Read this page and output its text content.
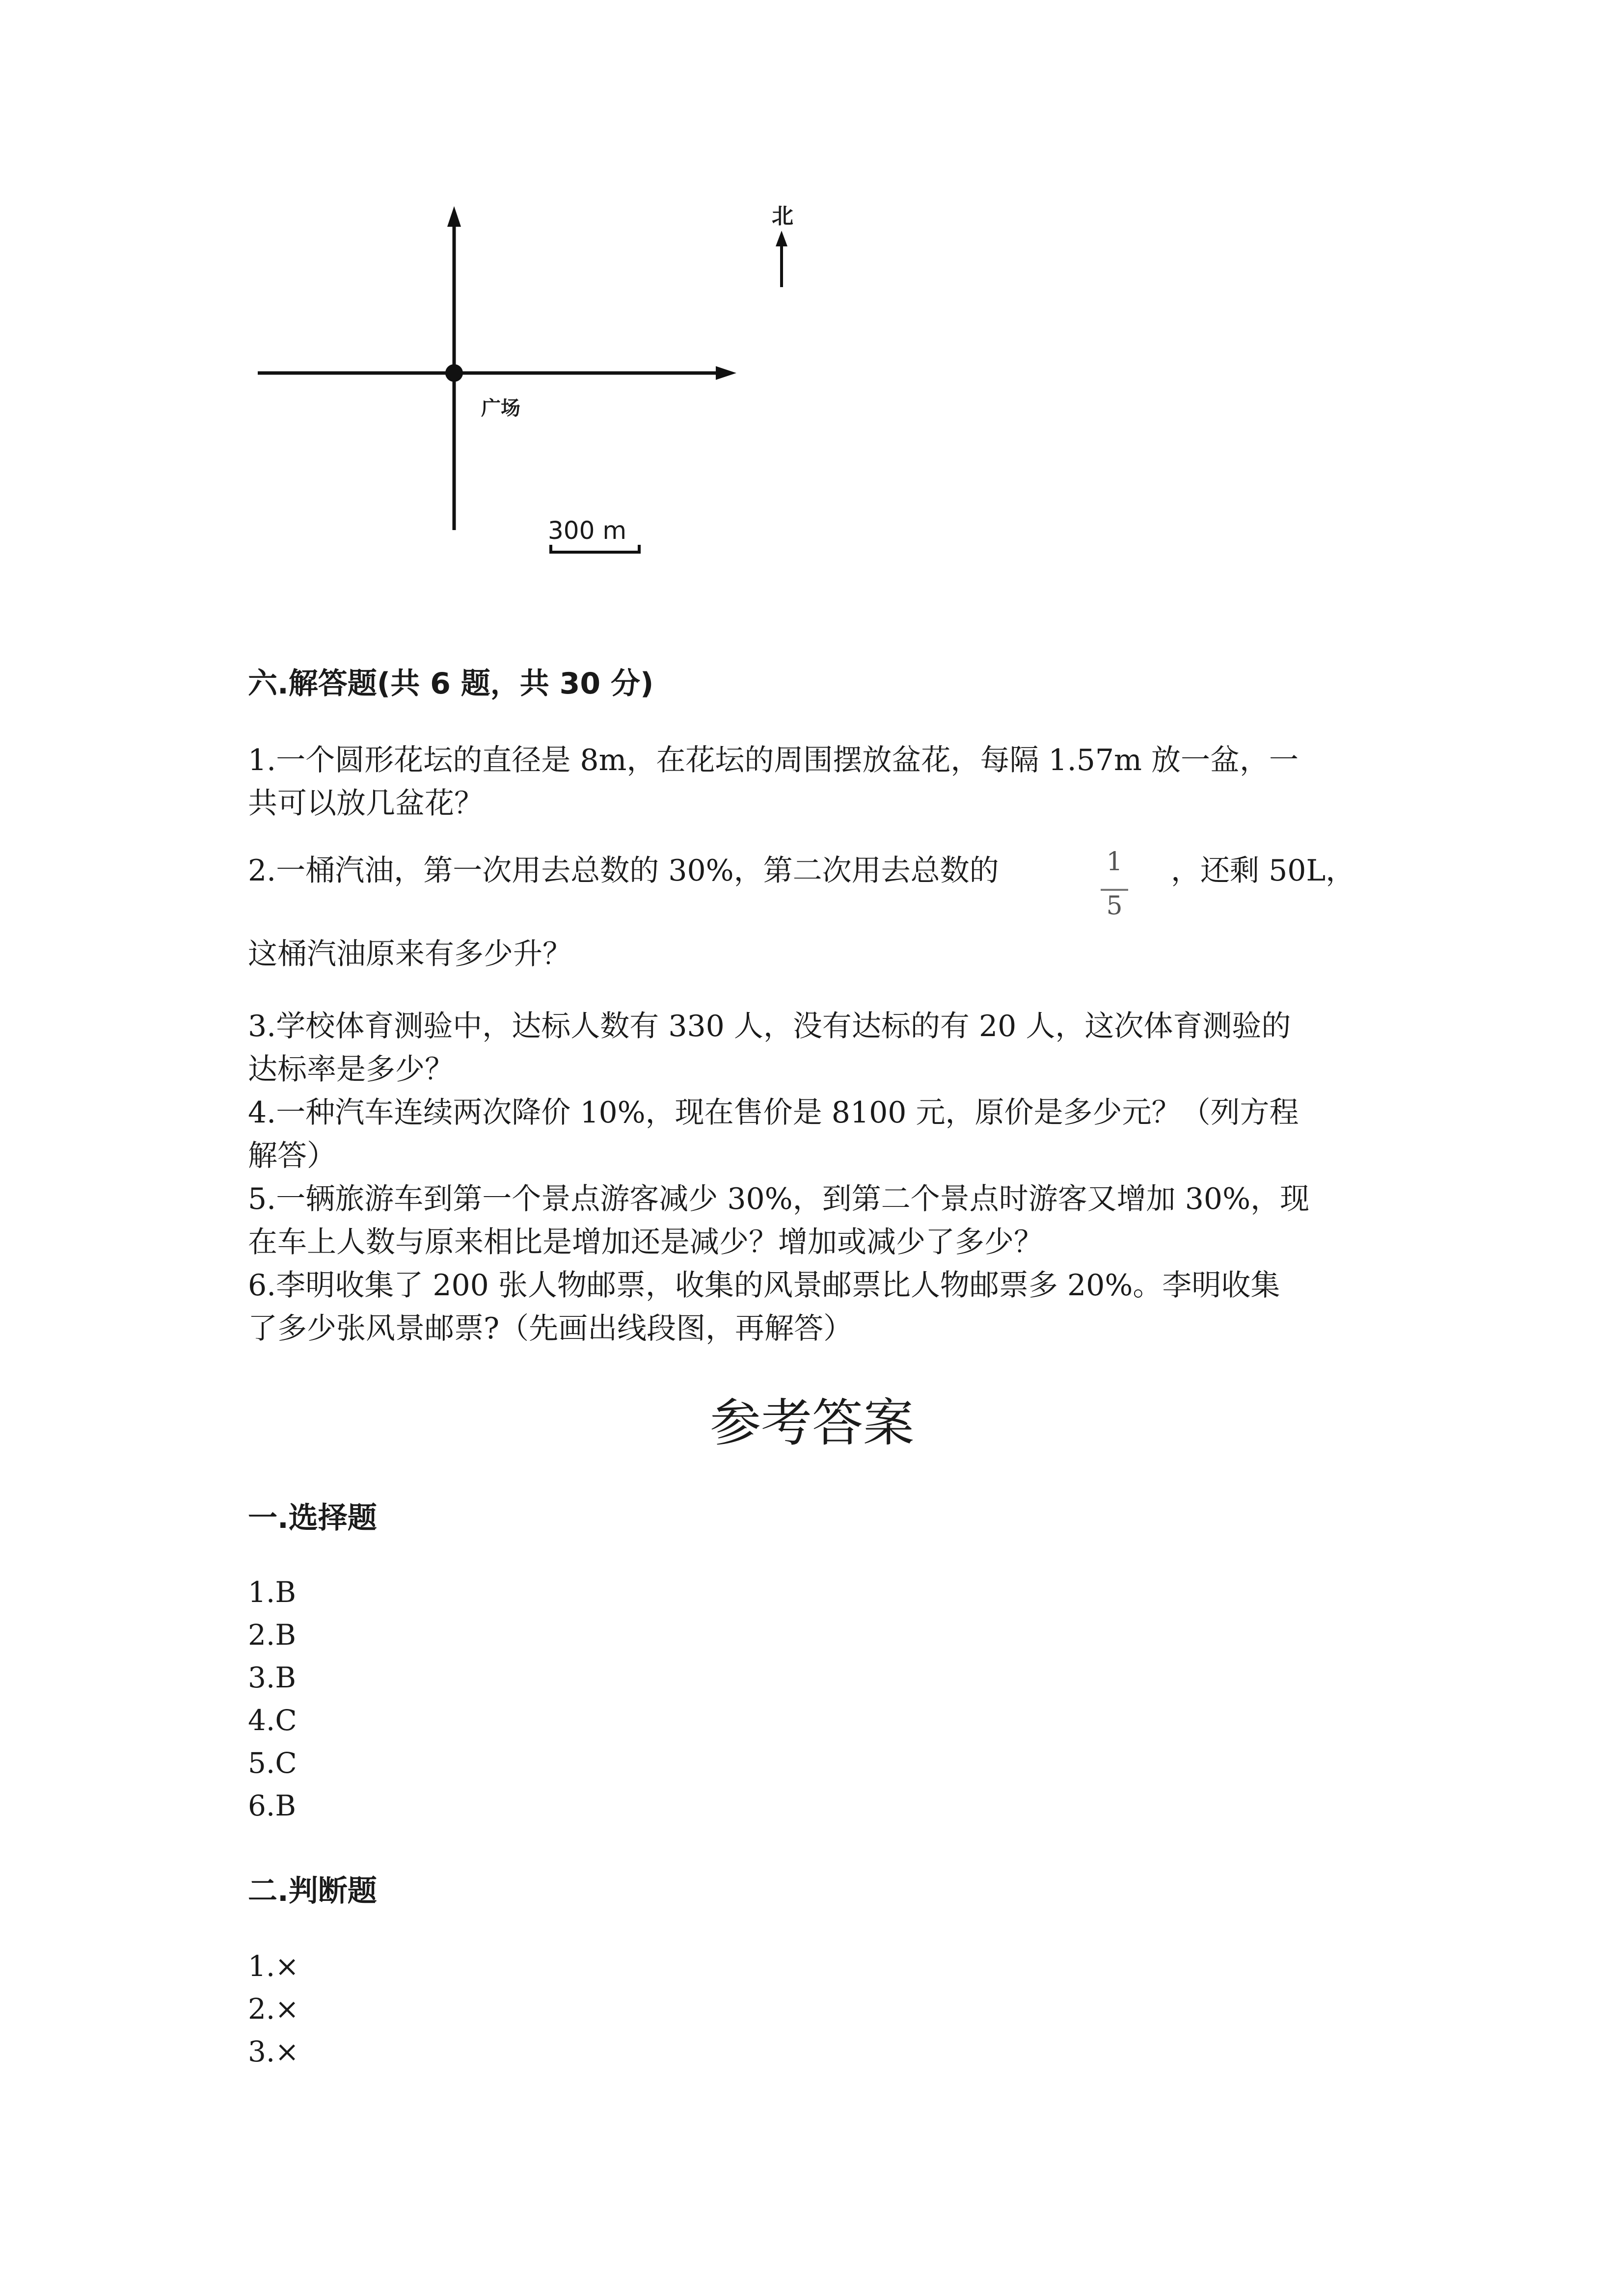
北
广场
300 m
六.解答题(共 6 题，共 30 分)
1.一个圆形花坛的直径是 8m，在花坛的周围摆放盆花，每隔 1.57m 放一盆，一
共可以放几盆花？
2.一桶汽油，第一次用去总数的 30%，第二次用去总数的	1
5
，还剩 50L，
这桶汽油原来有多少升？
3.学校体育测验中，达标人数有 330 人，没有达标的有 20 人，这次体育测验的
达标率是多少？
4.一种汽车连续两次降价 10%，现在售价是 8100 元，原价是多少元？（列方程
解答）
5.一辆旅游车到第一个景点游客减少 30%，到第二个景点时游客又增加 30%，现
在车上人数与原来相比是增加还是减少？增加或减少了多少？
6.李明收集了 200 张人物邮票，收集的风景邮票比人物邮票多 20%。李明收集
了多少张风景邮票?（先画出线段图，再解答）
参考答案
一.选择题
1.B
2.B
3.B
4.C
5.C
6.B
二.判断题
1.×
2.×
3.×
